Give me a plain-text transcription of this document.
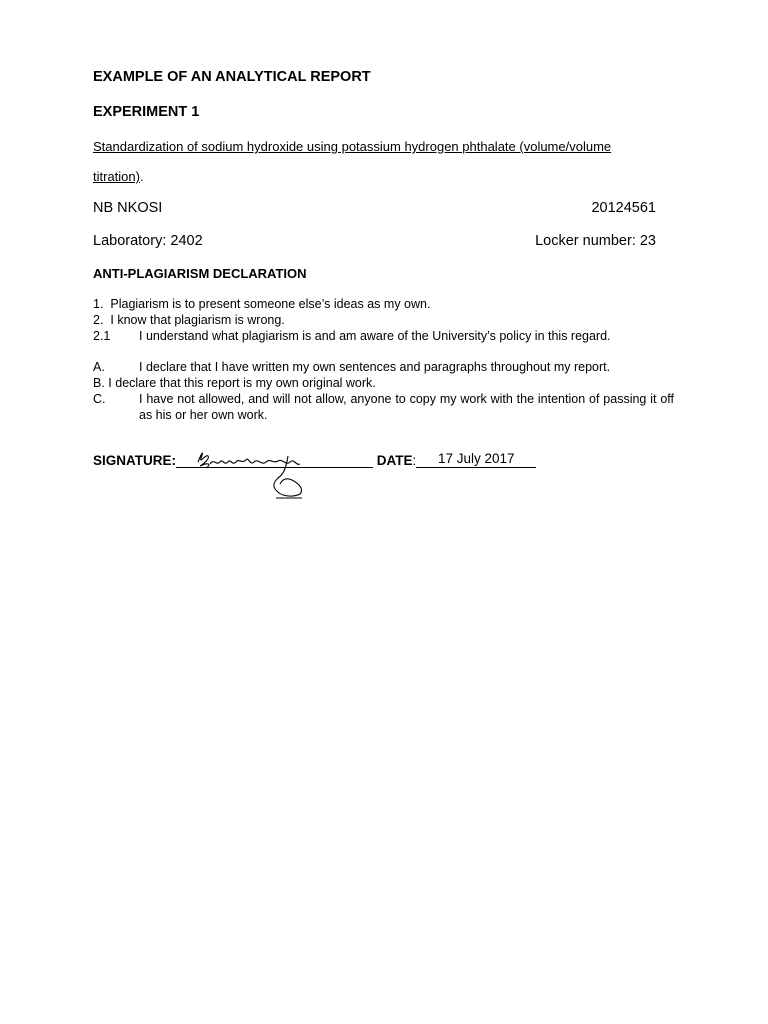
EXAMPLE OF AN ANALYTICAL REPORT
EXPERIMENT 1
Standardization of sodium hydroxide using potassium hydrogen phthalate (volume/volume
titration).
NB NKOSI	20124561
Laboratory: 2402	Locker number: 23
ANTI-PLAGIARISM DECLARATION
1. Plagiarism is to present someone else’s ideas as my own.
2. I know that plagiarism is wrong.
2.1 I understand what plagiarism is and am aware of the University’s policy in this regard.
A.	I declare that I have written my own sentences and paragraphs throughout my report.
B. I declare that this report is my own original work.
C.	I have not allowed, and will not allow, anyone to copy my work with the intention of passing it off as his or her own work.
SIGNATURE:	DATE: 17 July 2017
